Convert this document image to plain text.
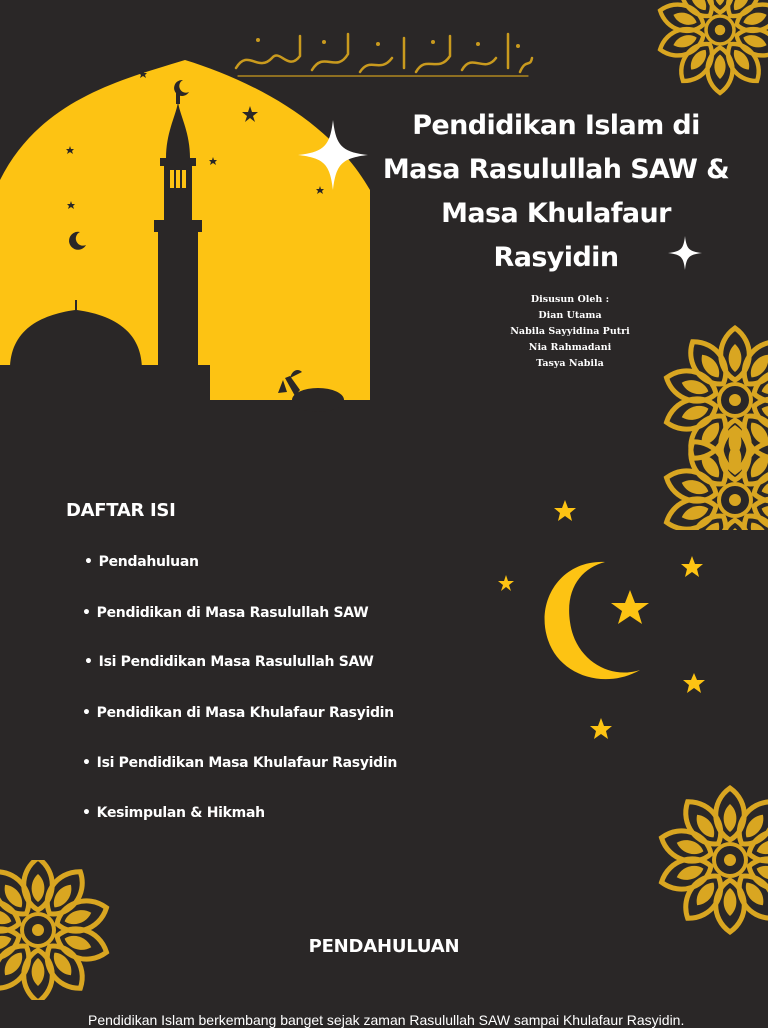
Pendidikan Islam di Masa Rasulullah SAW & Masa Khulafaur Rasyidin
Disusun Oleh :
Dian Utama
Nabila Sayyidina Putri
Nia Rahmadani
Tasya Nabila
DAFTAR ISI
• Pendahuluan
• Pendidikan di Masa Rasulullah SAW
• Isi Pendidikan Masa Rasulullah SAW
• Pendidikan di Masa Khulafaur Rasyidin
• Isi Pendidikan Masa Khulafaur Rasyidin
• Kesimpulan & Hikmah
PENDAHULUAN
Pendidikan Islam berkembang banget sejak zaman Rasulullah SAW sampai Khulafaur Rasyidin.
